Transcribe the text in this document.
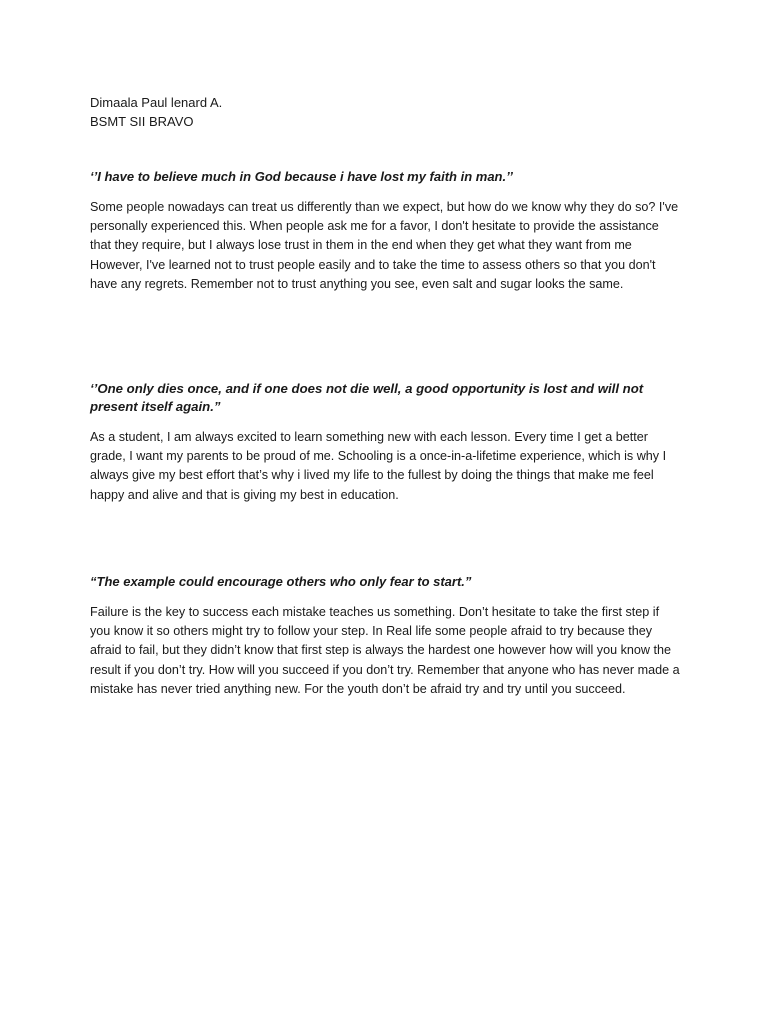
Dimaala Paul lenard A.
BSMT SII BRAVO
‘’I have to believe much in God because i have lost my faith in man.’’

Some people nowadays can treat us differently than we expect, but how do we know why they do so? I've personally experienced this. When people ask me for a favor, I don't hesitate to provide the assistance that they require, but I always lose trust in them in the end when they get what they want from me However, I've learned not to trust people easily and to take the time to assess others so that you don't have any regrets. Remember not to trust anything you see, even salt and sugar looks the same.

‘’One only dies once, and if one does not die well, a good opportunity is lost and will not present itself again.”

As a student, I am always excited to learn something new with each lesson. Every time I get a better grade, I want my parents to be proud of me. Schooling is a once-in-a-lifetime experience, which is why I always give my best effort that’s why i lived my life to the fullest by doing the things that make me feel happy and alive and that is giving my best in education.

“The example could encourage others who only fear to start.”

Failure is the key to success each mistake teaches us something. Don’t hesitate to take the first step if you know it so others might try to follow your step. In Real life some people afraid to try because they afraid to fail, but they didn’t know that first step is always the hardest one however how will you know the result if you don’t try. How will you succeed if you don’t try. Remember that anyone who has never made a mistake has never tried anything new. For the youth don’t be afraid try and try until you succeed.
